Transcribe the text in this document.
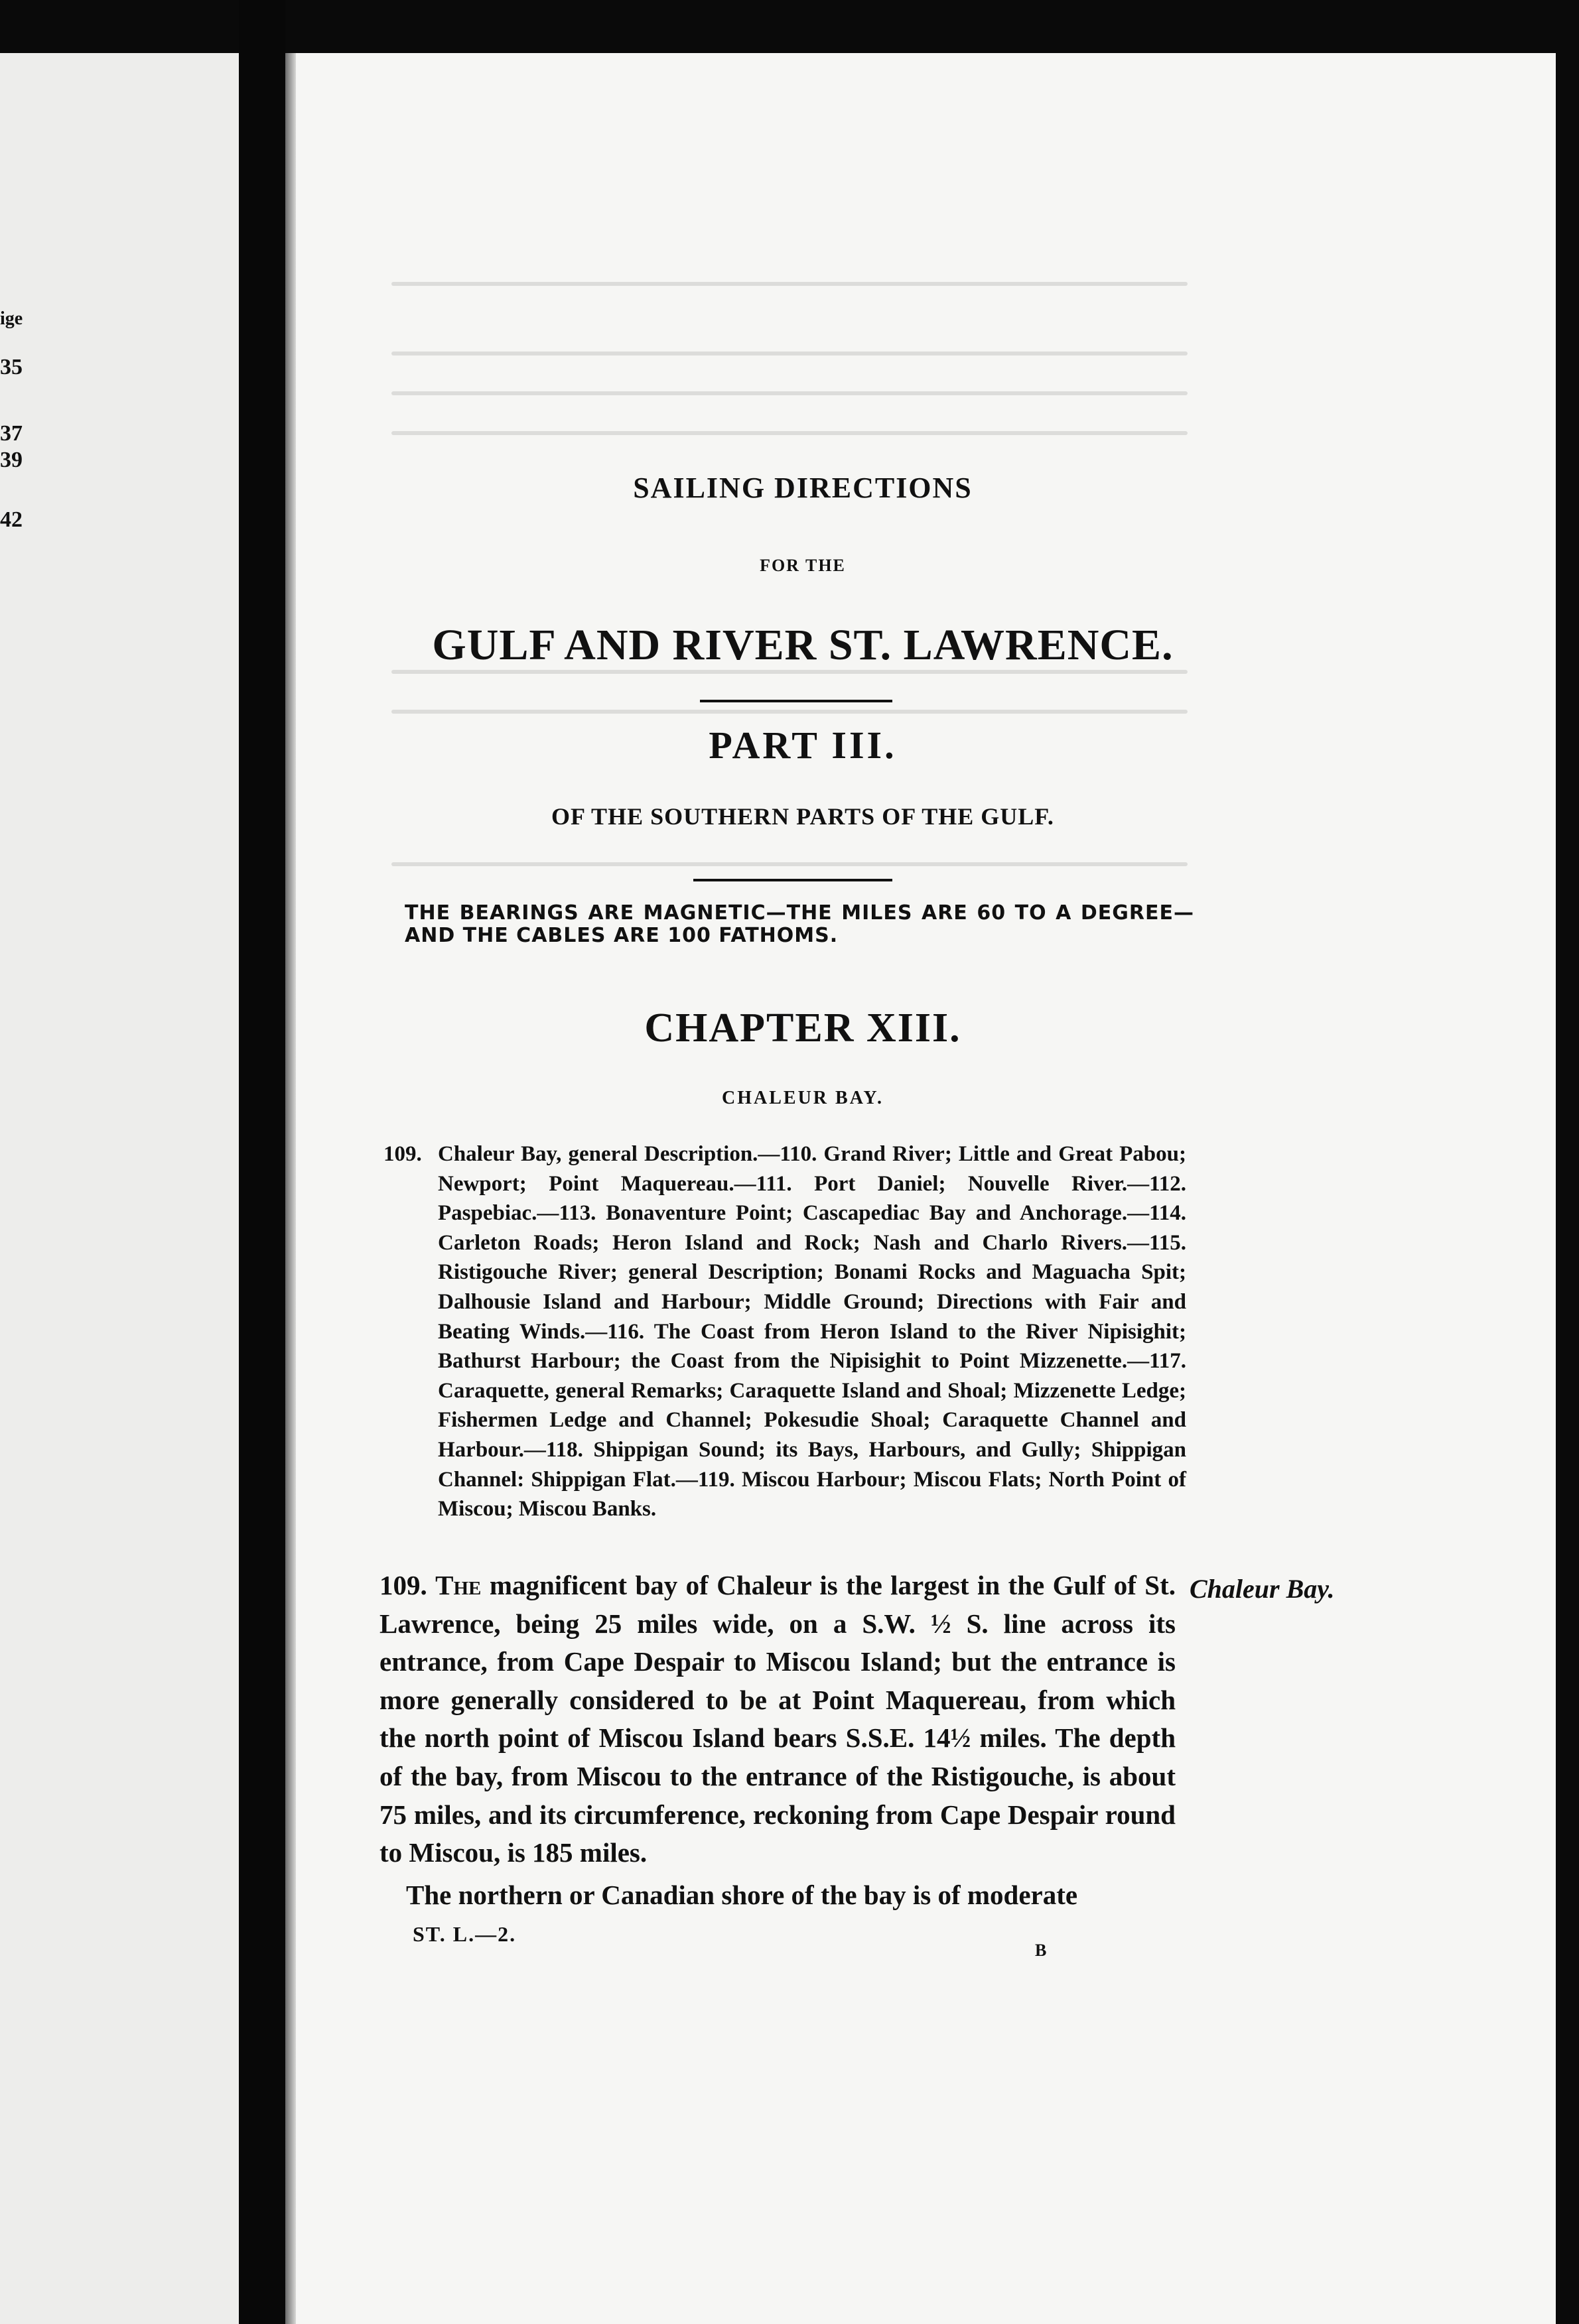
ige
35
37
39
42
SAILING DIRECTIONS
FOR THE
GULF AND RIVER ST. LAWRENCE.
PART III.
OF THE SOUTHERN PARTS OF THE GULF.
THE BEARINGS ARE MAGNETIC—THE MILES ARE 60 TO A DEGREE—AND THE CABLES ARE 100 FATHOMS.
CHAPTER XIII.
CHALEUR BAY.
109. Chaleur Bay, general Description.—110. Grand River; Little and Great Pabou; Newport; Point Maquereau.—111. Port Daniel; Nouvelle River.—112. Paspebiac.—113. Bonaventure Point; Cascapediac Bay and Anchorage.—114. Carleton Roads; Heron Island and Rock; Nash and Charlo Rivers.—115. Ristigouche River; general Description; Bonami Rocks and Maguacha Spit; Dalhousie Island and Harbour; Middle Ground; Directions with Fair and Beating Winds.—116. The Coast from Heron Island to the River Nipisighit; Bathurst Harbour; the Coast from the Nipisighit to Point Mizzenette.—117. Caraquette, general Remarks; Caraquette Island and Shoal; Mizzenette Ledge; Fishermen Ledge and Channel; Pokesudie Shoal; Caraquette Channel and Harbour.—118. Shippigan Sound; its Bays, Harbours, and Gully; Shippigan Channel: Shippigan Flat.—119. Miscou Harbour; Miscou Flats; North Point of Miscou; Miscou Banks.

109. The magnificent bay of Chaleur is the largest in the Gulf of St. Lawrence, being 25 miles wide, on a S.W. ½ S. line across its entrance, from Cape Despair to Miscou Island; but the entrance is more generally considered to be at Point Maquereau, from which the north point of Miscou Island bears S.S.E. 14½ miles. The depth of the bay, from Miscou to the entrance of the Ristigouche, is about 75 miles, and its circumference, reckoning from Cape Despair round to Miscou, is 185 miles.

The northern or Canadian shore of the bay is of moderate

Chaleur Bay.
ST. L.—2.
B
